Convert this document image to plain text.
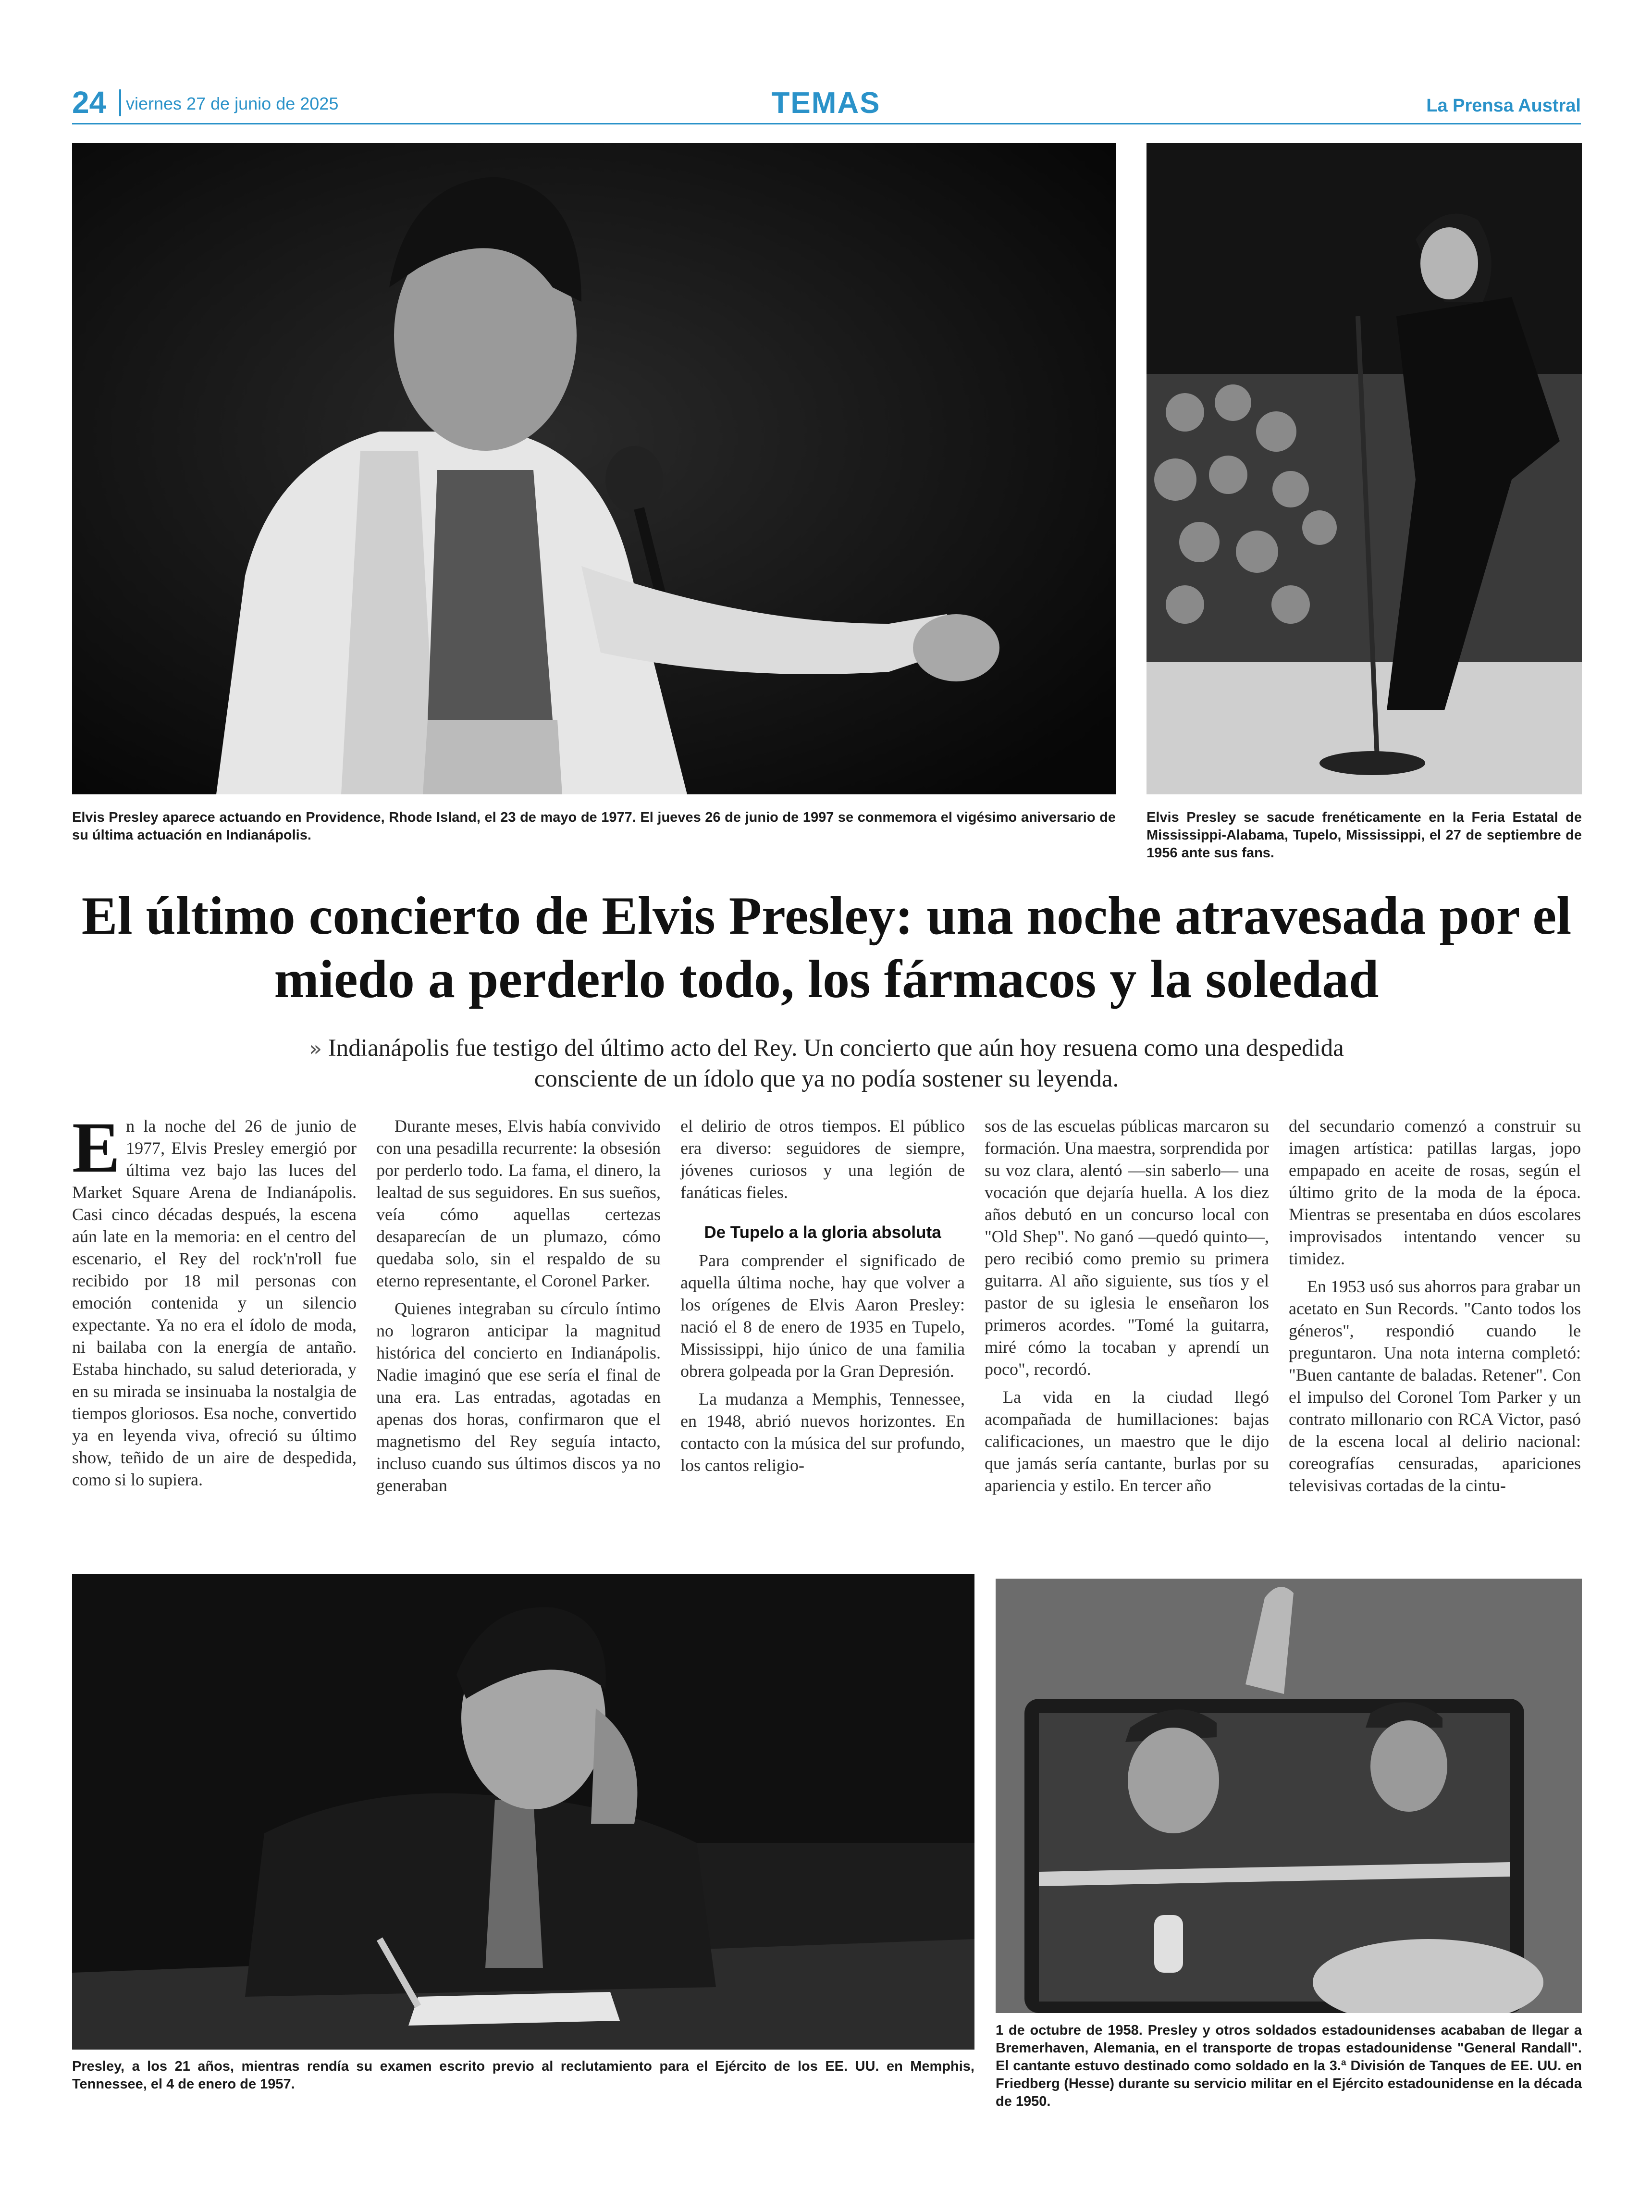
24 viernes 27 de junio de 2025	TEMAS	La Prensa Austral

Elvis Presley aparece actuando en Providence, Rhode Island, el 23 de mayo de 1977. El jueves 26 de junio de 1997 se conmemora el vigésimo aniversario de su última actuación en Indianápolis.

Elvis Presley se sacude frenéticamente en la Feria Estatal de Mississippi-Alabama, Tupelo, Mississippi, el 27 de septiembre de 1956 ante sus fans.

El último concierto de Elvis Presley: una noche atravesada por el miedo a perderlo todo, los fármacos y la soledad

» Indianápolis fue testigo del último acto del Rey. Un concierto que aún hoy resuena como una despedida consciente de un ídolo que ya no podía sostener su leyenda.

En la noche del 26 de junio de 1977, Elvis Presley emergió por última vez bajo las luces del Market Square Arena de Indianápolis. Casi cinco décadas después, la escena aún late en la memoria: en el centro del escenario, el Rey del rock'n'roll fue recibido por 18 mil personas con emoción contenida y un silencio expectante. Ya no era el ídolo de moda, ni bailaba con la energía de antaño. Estaba hinchado, su salud deteriorada, y en su mirada se insinuaba la nostalgia de tiempos gloriosos. Esa noche, convertido ya en leyenda viva, ofreció su último show, teñido de un aire de despedida, como si lo supiera.

Durante meses, Elvis había convivido con una pesadilla recurrente: la obsesión por perderlo todo. La fama, el dinero, la lealtad de sus seguidores. En sus sueños, veía cómo aquellas certezas desaparecían de un plumazo, cómo quedaba solo, sin el respaldo de su eterno representante, el Coronel Parker.

Quienes integraban su círculo íntimo no lograron anticipar la magnitud histórica del concierto en Indianápolis. Nadie imaginó que ese sería el final de una era. Las entradas, agotadas en apenas dos horas, confirmaron que el magnetismo del Rey seguía intacto, incluso cuando sus últimos discos ya no generaban

el delirio de otros tiempos. El público era diverso: seguidores de siempre, jóvenes curiosos y una legión de fanáticas fieles.

De Tupelo a la gloria absoluta

Para comprender el significado de aquella última noche, hay que volver a los orígenes de Elvis Aaron Presley: nació el 8 de enero de 1935 en Tupelo, Mississippi, hijo único de una familia obrera golpeada por la Gran Depresión.

La mudanza a Memphis, Tennessee, en 1948, abrió nuevos horizontes. En contacto con la música del sur profundo, los cantos religio-

sos de las escuelas públicas marcaron su formación. Una maestra, sorprendida por su voz clara, alentó —sin saberlo— una vocación que dejaría huella. A los diez años debutó en un concurso local con "Old Shep". No ganó —quedó quinto—, pero recibió como premio su primera guitarra. Al año siguiente, sus tíos y el pastor de su iglesia le enseñaron los primeros acordes. "Tomé la guitarra, miré cómo la tocaban y aprendí un poco", recordó.

La vida en la ciudad llegó acompañada de humillaciones: bajas calificaciones, un maestro que le dijo que jamás sería cantante, burlas por su apariencia y estilo. En tercer año

del secundario comenzó a construir su imagen artística: patillas largas, jopo empapado en aceite de rosas, según el último grito de la moda de la época. Mientras se presentaba en dúos escolares improvisados intentando vencer su timidez.

En 1953 usó sus ahorros para grabar un acetato en Sun Records. "Canto todos los géneros", respondió cuando le preguntaron. Una nota interna completó: "Buen cantante de baladas. Retener". Con el impulso del Coronel Tom Parker y un contrato millonario con RCA Victor, pasó de la escena local al delirio nacional: coreografías censuradas, apariciones televisivas cortadas de la cintu-

Presley, a los 21 años, mientras rendía su examen escrito previo al reclutamiento para el Ejército de los EE. UU. en Memphis, Tennessee, el 4 de enero de 1957.

1 de octubre de 1958. Presley y otros soldados estadounidenses acababan de llegar a Bremerhaven, Alemania, en el transporte de tropas estadounidense "General Randall". El cantante estuvo destinado como soldado en la 3.ª División de Tanques de EE. UU. en Friedberg (Hesse) durante su servicio militar en el Ejército estadounidense en la década de 1950.
